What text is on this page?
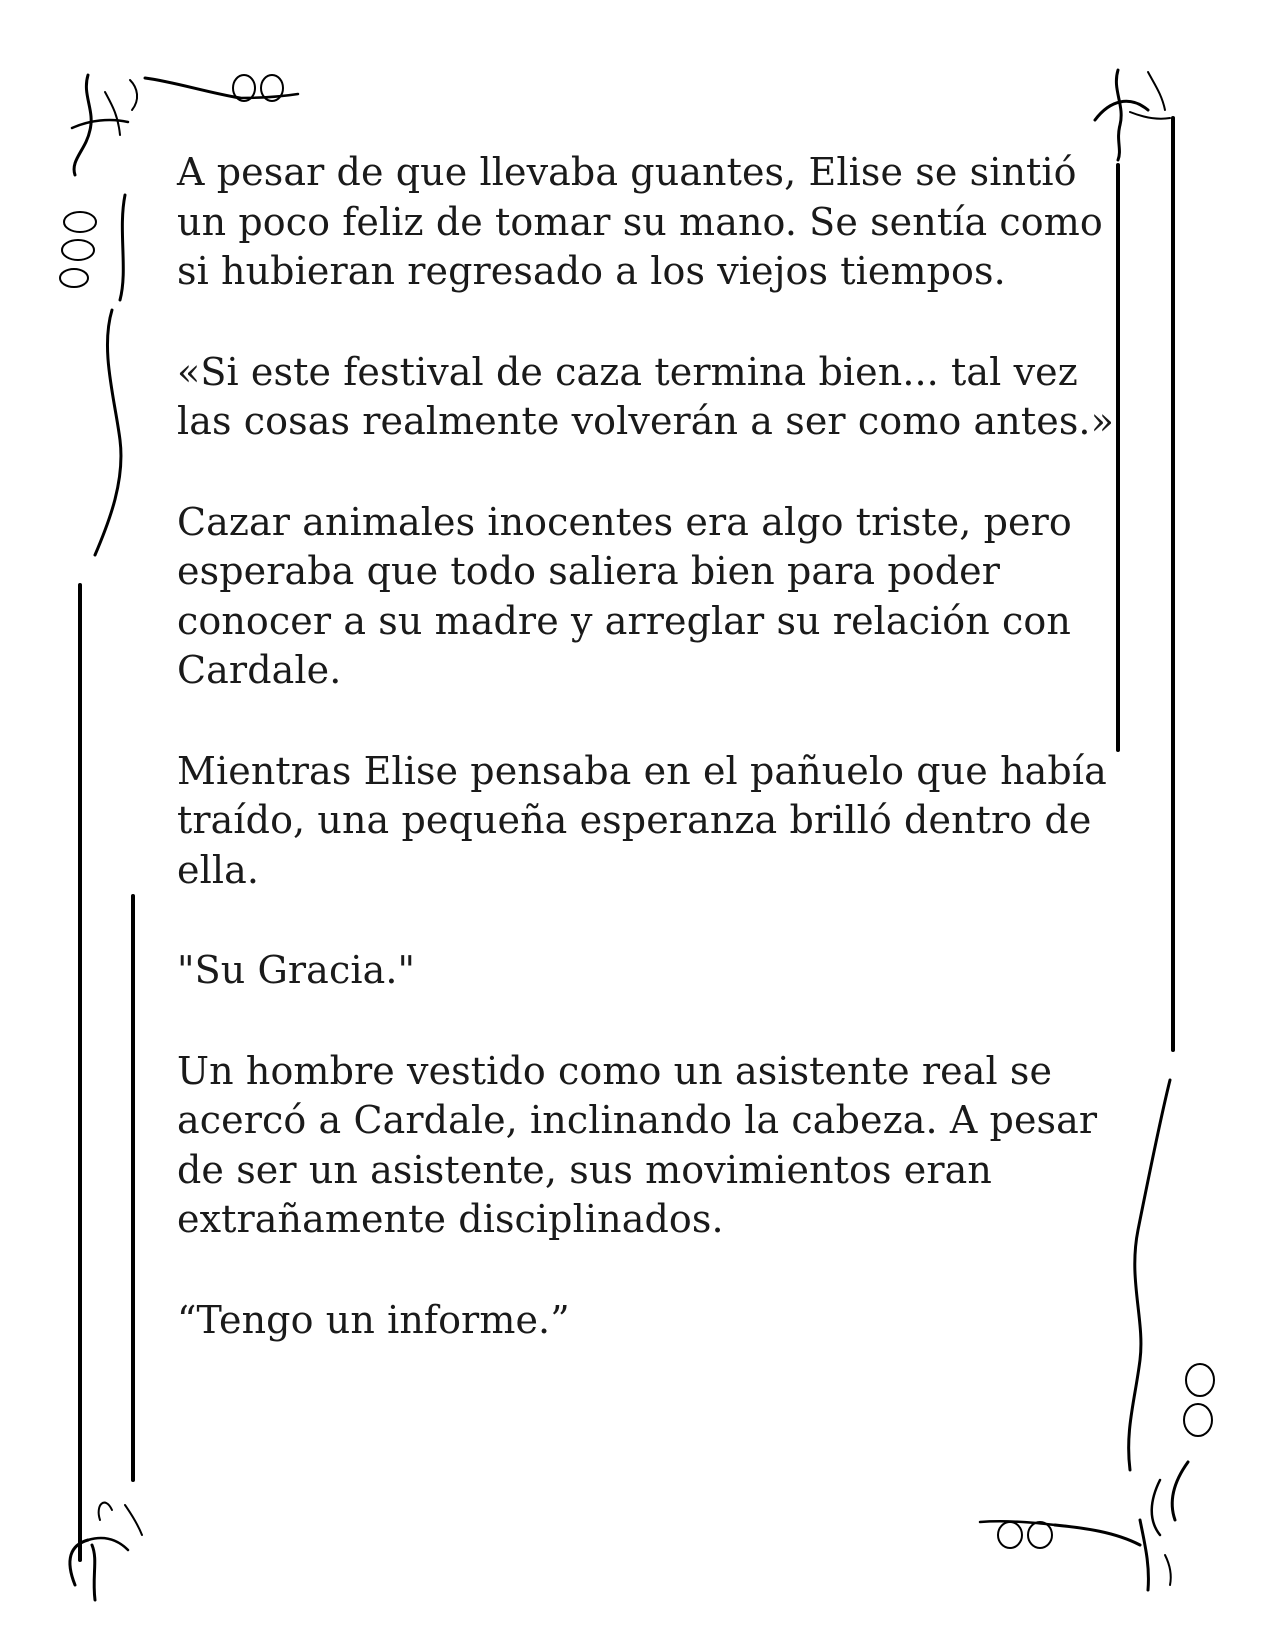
A pesar de que llevaba guantes, Elise se sintió un poco feliz de tomar su mano. Se sentía como si hubieran regresado a los viejos tiempos.

«Si este festival de caza termina bien... tal vez las cosas realmente volverán a ser como antes.»

Cazar animales inocentes era algo triste, pero esperaba que todo saliera bien para poder conocer a su madre y arreglar su relación con Cardale.

Mientras Elise pensaba en el pañuelo que había traído, una pequeña esperanza brilló dentro de ella.

"Su Gracia."

Un hombre vestido como un asistente real se acercó a Cardale, inclinando la cabeza. A pesar de ser un asistente, sus movimientos eran extrañamente disciplinados.

“Tengo un informe.”
